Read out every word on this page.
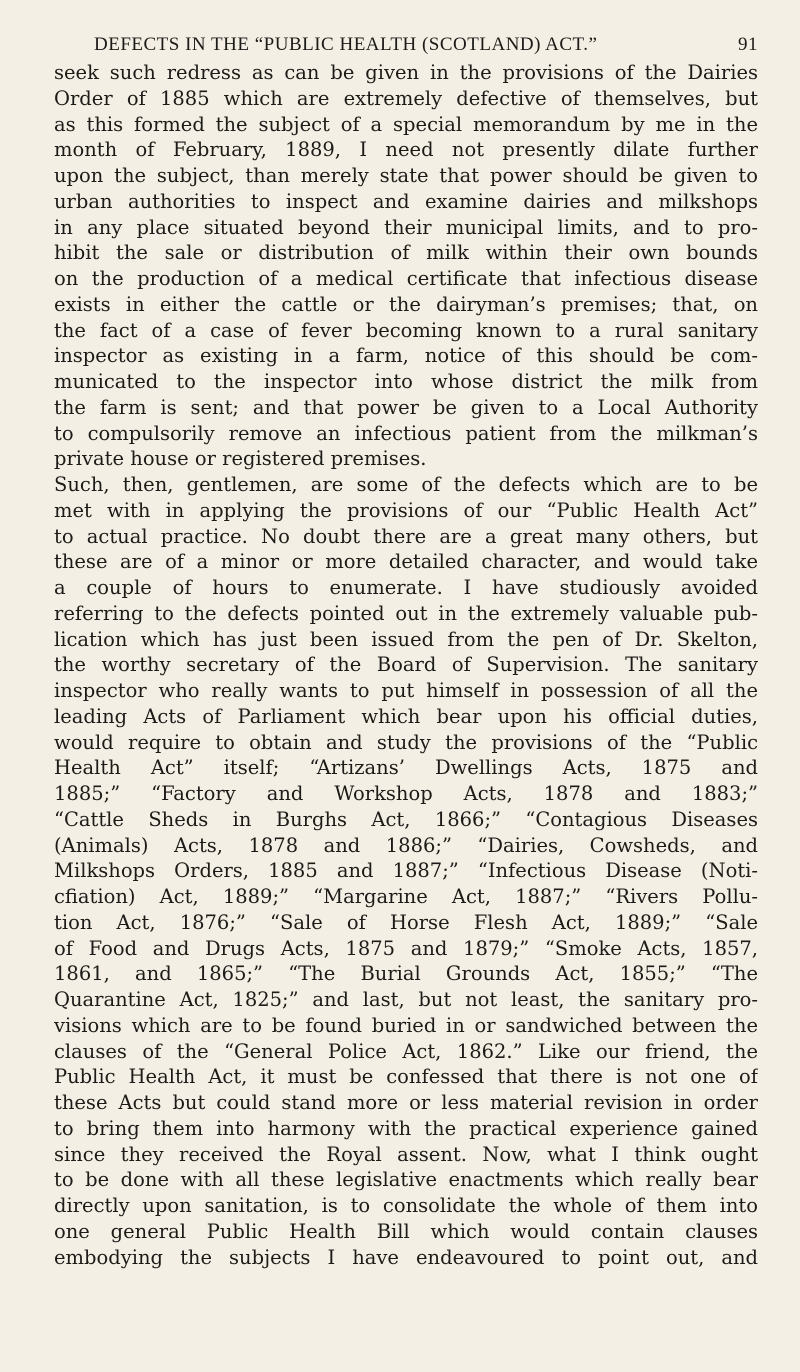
DEFECTS IN THE “PUBLIC HEALTH (SCOTLAND) ACT.”	91
seek such redress as can be given in the provisions of the Dairies
Order of 1885 which are extremely defective of themselves, but
as this formed the subject of a special memorandum by me in the
month of February, 1889, I need not presently dilate further
upon the subject, than merely state that power should be given to
urban authorities to inspect and examine dairies and milkshops
in any place situated beyond their municipal limits, and to pro-
hibit the sale or distribution of milk within their own bounds
on the production of a medical certificate that infectious disease
exists in either the cattle or the dairyman’s premises; that, on
the fact of a case of fever becoming known to a rural sanitary
inspector as existing in a farm, notice of this should be com-
municated to the inspector into whose district the milk from
the farm is sent; and that power be given to a Local Authority
to compulsorily remove an infectious patient from the milkman’s
private house or registered premises.
Such, then, gentlemen, are some of the defects which are to be
met with in applying the provisions of our “Public Health Act”
to actual practice. No doubt there are a great many others, but
these are of a minor or more detailed character, and would take
a couple of hours to enumerate. I have studiously avoided
referring to the defects pointed out in the extremely valuable pub-
lication which has just been issued from the pen of Dr. Skelton,
the worthy secretary of the Board of Supervision. The sanitary
inspector who really wants to put himself in possession of all the
leading Acts of Parliament which bear upon his official duties,
would require to obtain and study the provisions of the “Public
Health Act” itself; “Artizans’ Dwellings Acts, 1875 and
1885;” “Factory and Workshop Acts, 1878 and 1883;”
“Cattle Sheds in Burghs Act, 1866;” “Contagious Diseases
(Animals) Acts, 1878 and 1886;” “Dairies, Cowsheds, and
Milkshops Orders, 1885 and 1887;” “Infectious Disease (Noti-
cfiation) Act, 1889;” “Margarine Act, 1887;” “Rivers Pollu-
tion Act, 1876;” “Sale of Horse Flesh Act, 1889;” “Sale
of Food and Drugs Acts, 1875 and 1879;” “Smoke Acts, 1857,
1861, and 1865;” “The Burial Grounds Act, 1855;” “The
Quarantine Act, 1825;” and last, but not least, the sanitary pro-
visions which are to be found buried in or sandwiched between the
clauses of the “General Police Act, 1862.” Like our friend, the
Public Health Act, it must be confessed that there is not one of
these Acts but could stand more or less material revision in order
to bring them into harmony with the practical experience gained
since they received the Royal assent. Now, what I think ought
to be done with all these legislative enactments which really bear
directly upon sanitation, is to consolidate the whole of them into
one general Public Health Bill which would contain clauses
embodying the subjects I have endeavoured to point out, and
